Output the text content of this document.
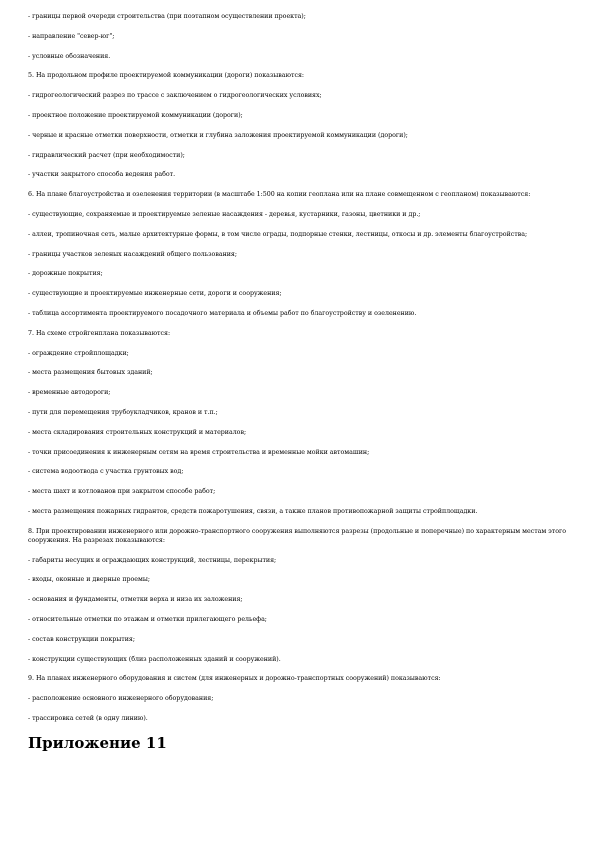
- границы первой очереди строительства (при поэтапном осуществлении проекта);
- направление "север-юг";
- условные обозначения.
5. На продольном профиле проектируемой коммуникации (дороги) показываются:
- гидрогеологический разрез по трассе с заключением о гидрогеологических условиях;
- проектное положение проектируемой коммуникации (дороги);
- черные и красные отметки поверхности, отметки и глубина заложения проектируемой коммуникации (дороги);
- гидравлический расчет (при необходимости);
- участки закрытого способа ведения работ.
6. На плане благоустройства и озеленения территории (в масштабе 1:500 на копии геоплана или на плане совмещенном с геопланом) показываются:
- существующие, сохраняемые и проектируемые зеленые насаждения - деревья, кустарники, газоны, цветники и др.;
- аллеи, тропиночная сеть, малые архитектурные формы, в том числе ограды, подпорные стенки, лестницы, откосы и др. элементы благоустройства;
- границы участков зеленых насаждений общего пользования;
- дорожные покрытия;
- существующие и проектируемые инженерные сети, дороги и сооружения;
- таблица ассортимента проектируемого посадочного материала и объемы работ по благоустройству и озеленению.
7. На схеме стройгенплана показываются:
- ограждение стройплощадки;
- места размещения бытовых зданий;
- временные автодороги;
- пути для перемещения трубоукладчиков, кранов и т.п.;
- места складирования строительных конструкций и материалов;
- точки присоединения к инженерным сетям на время строительства и временные мойки автомашин;
- система водоотвода с участка грунтовых вод;
- места шахт и котлованов при закрытом способе работ;
- места размещения пожарных гидрантов, средств пожаротушения, связи, а также планов противопожарной защиты стройплощадки.
8. При проектировании инженерного или дорожно-транспортного сооружения выполняются разрезы (продольные и поперечные) по характерным местам этого сооружения. На разрезах показываются:
- габариты несущих и ограждающих конструкций, лестницы, перекрытия;
- входы, оконные и дверные проемы;
- основания и фундаменты, отметки верха и низа их заложения;
- относительные отметки по этажам и отметки прилегающего рельефа;
- состав конструкции покрытия;
- конструкции существующих (близ расположенных зданий и сооружений).
9. На планах инженерного оборудования и систем (для инженерных и дорожно-транспортных сооружений) показываются:
- расположение основного инженерного оборудования;
- трассировка сетей (в одну линию).
Приложение 11
